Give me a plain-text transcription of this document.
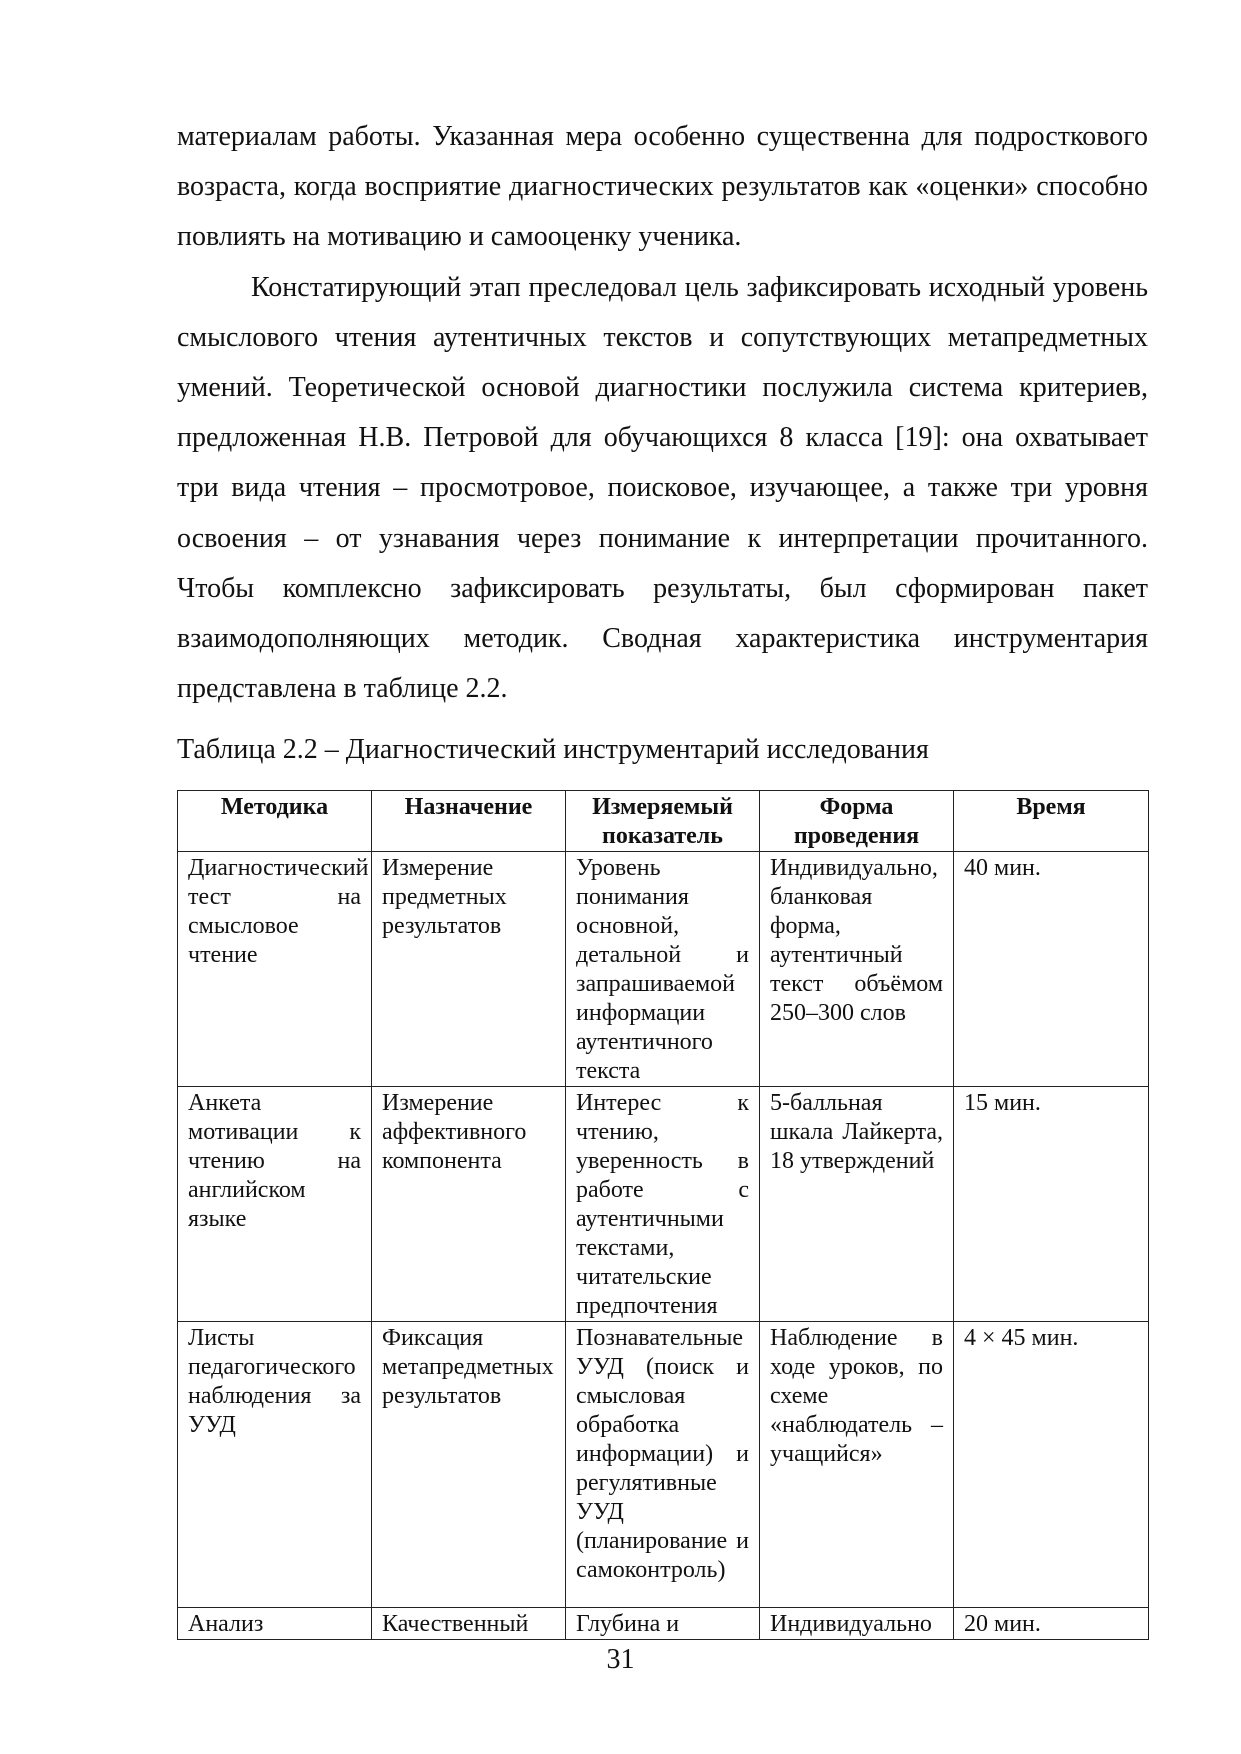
материалам работы. Указанная мера особенно существенна для подросткового возраста, когда восприятие диагностических результатов как «оценки» способно повлиять на мотивацию и самооценку ученика.

Констатирующий этап преследовал цель зафиксировать исходный уровень смыслового чтения аутентичных текстов и сопутствующих метапредметных умений. Теоретической основой диагностики послужила система критериев, предложенная Н.В. Петровой для обучающихся 8 класса [19]: она охватывает три вида чтения – просмотровое, поисковое, изучающее, а также три уровня освоения – от узнавания через понимание к интерпретации прочитанного. Чтобы комплексно зафиксировать результаты, был сформирован пакет взаимодополняющих методик. Сводная характеристика инструментария представлена в таблице 2.2.

Таблица 2.2 – Диагностический инструментарий исследования
Методика	Назначение	Измеряемый показатель	Форма проведения	Время
Диагностический тест на смысловое чтение	Измерение предметных результатов	Уровень понимания основной, детальной и запрашиваемой информации аутентичного текста	Индивидуально, бланковая форма, аутентичный текст объёмом 250–300 слов	40 мин.
Анкета мотивации к чтению на английском языке	Измерение аффективного компонента	Интерес к чтению, уверенность в работе с аутентичными текстами, читательские предпочтения	5-балльная шкала Лайкерта, 18 утверждений	15 мин.
Листы педагогического наблюдения за УУД	Фиксация метапредметных результатов	Познавательные УУД (поиск и смысловая обработка информации) и регулятивные УУД (планирование и самоконтроль)	Наблюдение в ходе уроков, по схеме «наблюдатель – учащийся»	4 × 45 мин.
Анализ	Качественный	Глубина и	Индивидуально	20 мин.
31
